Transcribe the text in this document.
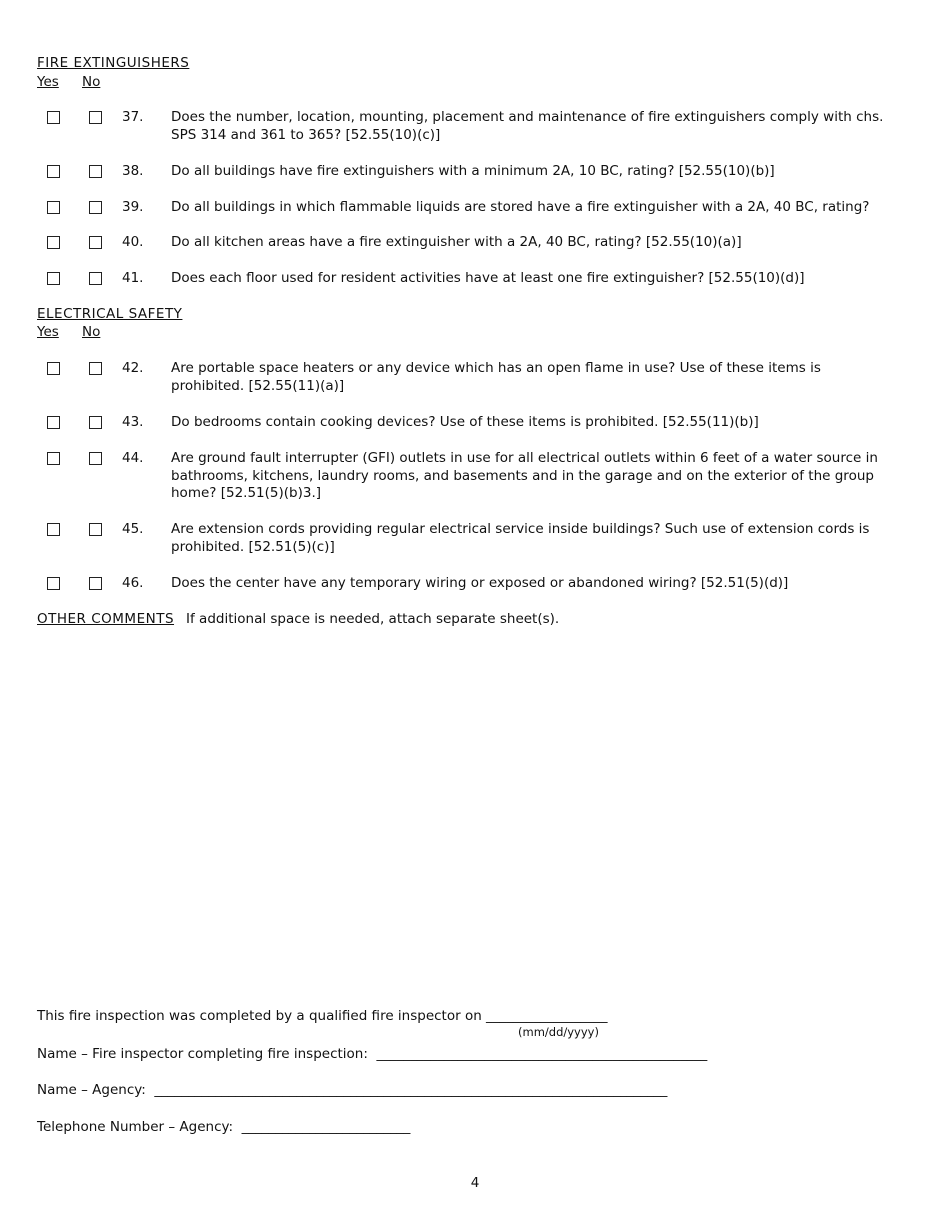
FIRE EXTINGUISHERS
Yes No
37. Does the number, location, mounting, placement and maintenance of fire extinguishers comply with chs. SPS 314 and 361 to 365? [52.55(10)(c)]
38. Do all buildings have fire extinguishers with a minimum 2A, 10 BC, rating? [52.55(10)(b)]
39. Do all buildings in which flammable liquids are stored have a fire extinguisher with a 2A, 40 BC, rating?
40. Do all kitchen areas have a fire extinguisher with a 2A, 40 BC, rating? [52.55(10)(a)]
41. Does each floor used for resident activities have at least one fire extinguisher? [52.55(10)(d)]
ELECTRICAL SAFETY
Yes No
42. Are portable space heaters or any device which has an open flame in use? Use of these items is prohibited. [52.55(11)(a)]
43. Do bedrooms contain cooking devices? Use of these items is prohibited. [52.55(11)(b)]
44. Are ground fault interrupter (GFI) outlets in use for all electrical outlets within 6 feet of a water source in bathrooms, kitchens, laundry rooms, and basements and in the garage and on the exterior of the group home? [52.51(5)(b)3.]
45. Are extension cords providing regular electrical service inside buildings? Such use of extension cords is prohibited. [52.51(5)(c)]
46. Does the center have any temporary wiring or exposed or abandoned wiring? [52.51(5)(d)]
OTHER COMMENTS If additional space is needed, attach separate sheet(s).
This fire inspection was completed by a qualified fire inspector on __________________
(mm/dd/yyyy)
Name – Fire inspector completing fire inspection:  _________________________________________________
Name – Agency:  ____________________________________________________________________________
Telephone Number – Agency:  _________________________
4
